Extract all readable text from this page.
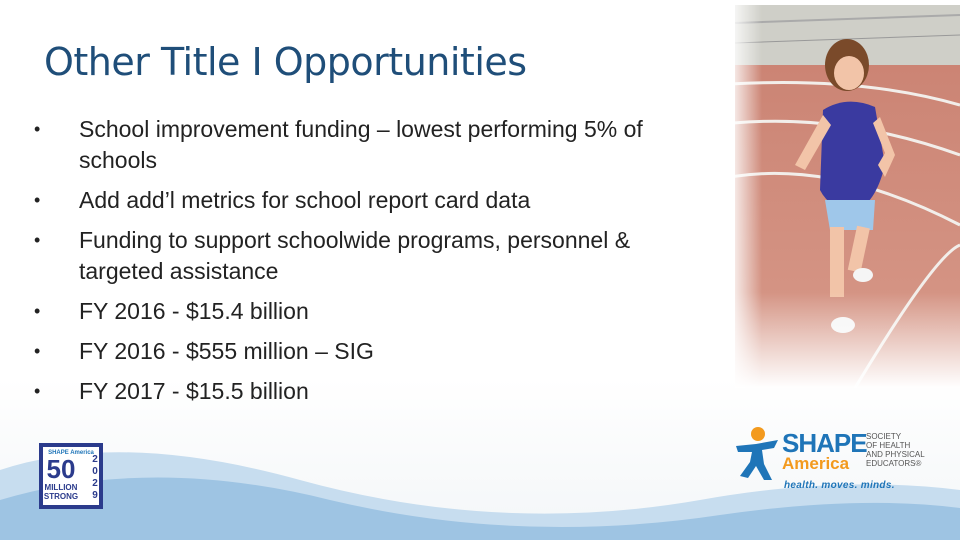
Other Title I Opportunities
•	School improvement funding – lowest performing 5% of schools
•	Add add’l metrics for school report card data
•	Funding to support schoolwide programs, personnel & targeted assistance
•	FY 2016 - $15.4 billion
•	FY 2016 - $555 million – SIG
•	FY 2017 - $15.5 billion
SHAPE America
50
MILLION
STRONG
2
0
2
9
SHAPE
America
SOCIETY
OF HEALTH
AND PHYSICAL
EDUCATORS®
health. moves. minds.
